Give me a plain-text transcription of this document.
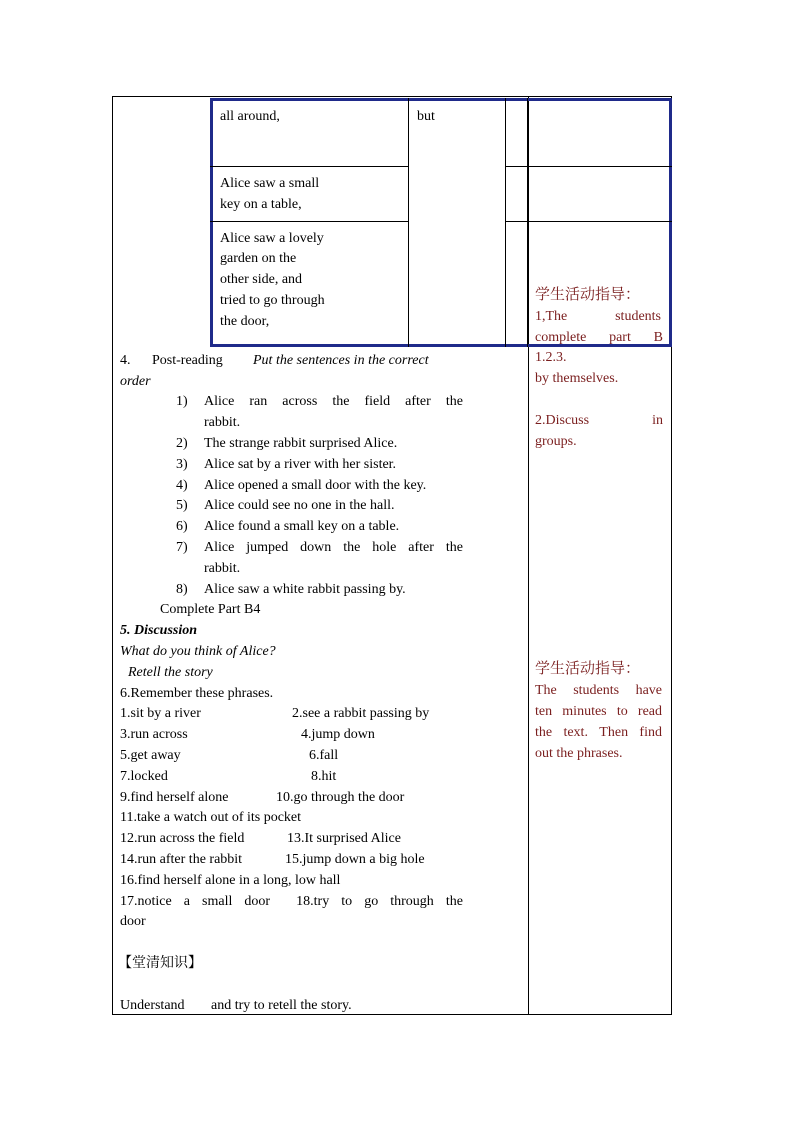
all around,	but
Alice saw a small
key on a table,
Alice saw a lovely
garden on the
other side, and
tried to go through
the door,
4. Post-reading Put the sentences in the correct
order
1) Alice ran across the field after the
rabbit.
2) The strange rabbit surprised Alice.
3) Alice sat by a river with her sister.
4) Alice opened a small door with the key.
5) Alice could see no one in the hall.
6) Alice found a small key on a table.
7) Alice jumped down the hole after the
rabbit.
8) Alice saw a white rabbit passing by.
Complete Part B4
5. Discussion
What do you think of Alice?
Retell the story
6.Remember these phrases.
1.sit by a river	2.see a rabbit passing by
3.run across	4.jump down
5.get away	6.fall
7.locked	8.hit
9.find herself alone	10.go through the door
11.take a watch out of its pocket
12.run across the field	13.It surprised Alice
14.run after the rabbit	15.jump down a big hole
16.find herself alone in a long, low hall
17.notice a small door 18.try to go through the
door
【堂清知识】
Understand and try to retell the story.
学生活动指导：
1,The	students
complete part B
1.2.3.
by themselves.
2.Discuss	in
groups.
学生活动指导：
The students have
ten minutes to read
the text. Then find
out the phrases.
